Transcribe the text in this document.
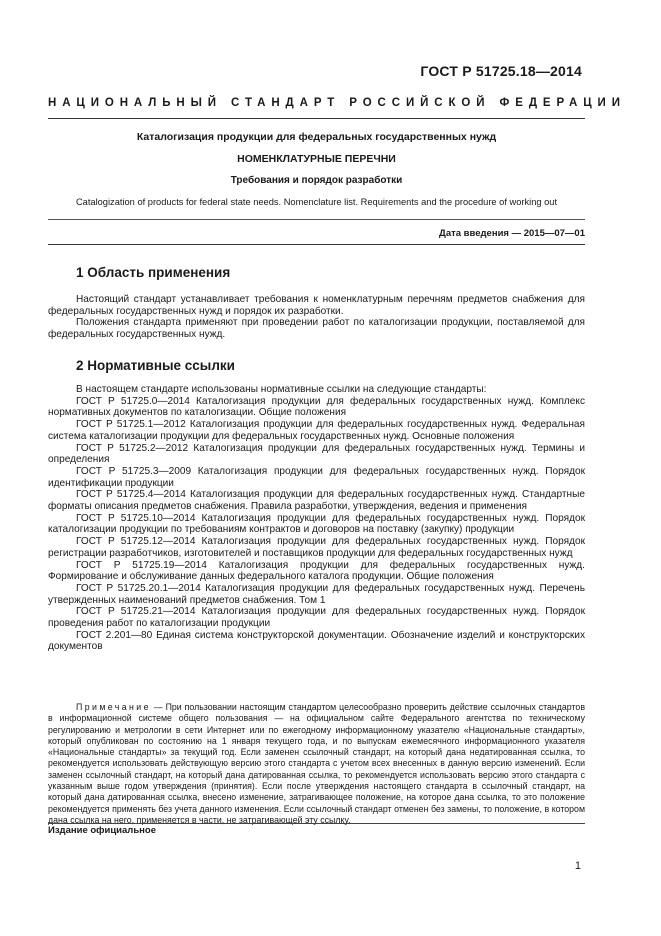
ГОСТ Р 51725.18—2014
НАЦИОНАЛЬНЫЙ СТАНДАРТ РОССИЙСКОЙ ФЕДЕРАЦИИ
Каталогизация продукции для федеральных государственных нужд
НОМЕНКЛАТУРНЫЕ ПЕРЕЧНИ
Требования и порядок разработки
Catalogization of products for federal state needs. Nomenclature list. Requirements and the procedure of working out
Дата введения — 2015—07—01
1 Область применения

Настоящий стандарт устанавливает требования к номенклатурным перечням предметов снабжения для федеральных государственных нужд и порядок их разработки.

Положения стандарта применяют при проведении работ по каталогизации продукции, поставляемой для федеральных государственных нужд.

2 Нормативные ссылки

В настоящем стандарте использованы нормативные ссылки на следующие стандарты:

ГОСТ Р 51725.0—2014 Каталогизация продукции для федеральных государственных нужд. Комплекс нормативных документов по каталогизации. Общие положения

ГОСТ Р 51725.1—2012 Каталогизация продукции для федеральных государственных нужд. Федеральная система каталогизации продукции для федеральных государственных нужд. Основные положения

ГОСТ Р 51725.2—2012 Каталогизация продукции для федеральных государственных нужд. Термины и определения

ГОСТ Р 51725.3—2009 Каталогизация продукции для федеральных государственных нужд. Порядок идентификации продукции

ГОСТ Р 51725.4—2014 Каталогизация продукции для федеральных государственных нужд. Стандартные форматы описания предметов снабжения. Правила разработки, утверждения, ведения и применения

ГОСТ Р 51725.10—2014 Каталогизация продукции для федеральных государственных нужд. Порядок каталогизации продукции по требованиям контрактов и договоров на поставку (закупку) продукции

ГОСТ Р 51725.12—2014 Каталогизация продукции для федеральных государственных нужд. Порядок регистрации разработчиков, изготовителей и поставщиков продукции для федеральных государственных нужд

ГОСТ Р 51725.19—2014 Каталогизация продукции для федеральных государственных нужд. Формирование и обслуживание данных федерального каталога продукции. Общие положения

ГОСТ Р 51725.20.1—2014 Каталогизация продукции для федеральных государственных нужд. Перечень утвержденных наименований предметов снабжения. Том 1

ГОСТ Р 51725.21—2014 Каталогизация продукции для федеральных государственных нужд. Порядок проведения работ по каталогизации продукции

ГОСТ 2.201—80 Единая система конструкторской документации. Обозначение изделий и конструкторских документов

Примечание — При пользовании настоящим стандартом целесообразно проверить действие ссылочных стандартов в информационной системе общего пользования — на официальном сайте Федерального агентства по техническому регулированию и метрологии в сети Интернет или по ежегодному информационному указателю «Национальные стандарты», который опубликован по состоянию на 1 января текущего года, и по выпускам ежемесячного информационного указателя «Национальные стандарты» за текущий год. Если заменен ссылочный стандарт, на который дана недатированная ссылка, то рекомендуется использовать действующую версию этого стандарта с учетом всех внесенных в данную версию изменений. Если заменен ссылочный стандарт, на который дана датированная ссылка, то рекомендуется использовать версию этого стандарта с указанным выше годом утверждения (принятия). Если после утверждения настоящего стандарта в ссылочный стандарт, на который дана датированная ссылка, внесено изменение, затрагивающее положение, на которое дана ссылка, то это положение рекомендуется применять без учета данного изменения. Если ссылочный стандарт отменен без замены, то положение, в котором дана ссылка на него, применяется в части, не затрагивающей эту ссылку.

Издание официальное
1
